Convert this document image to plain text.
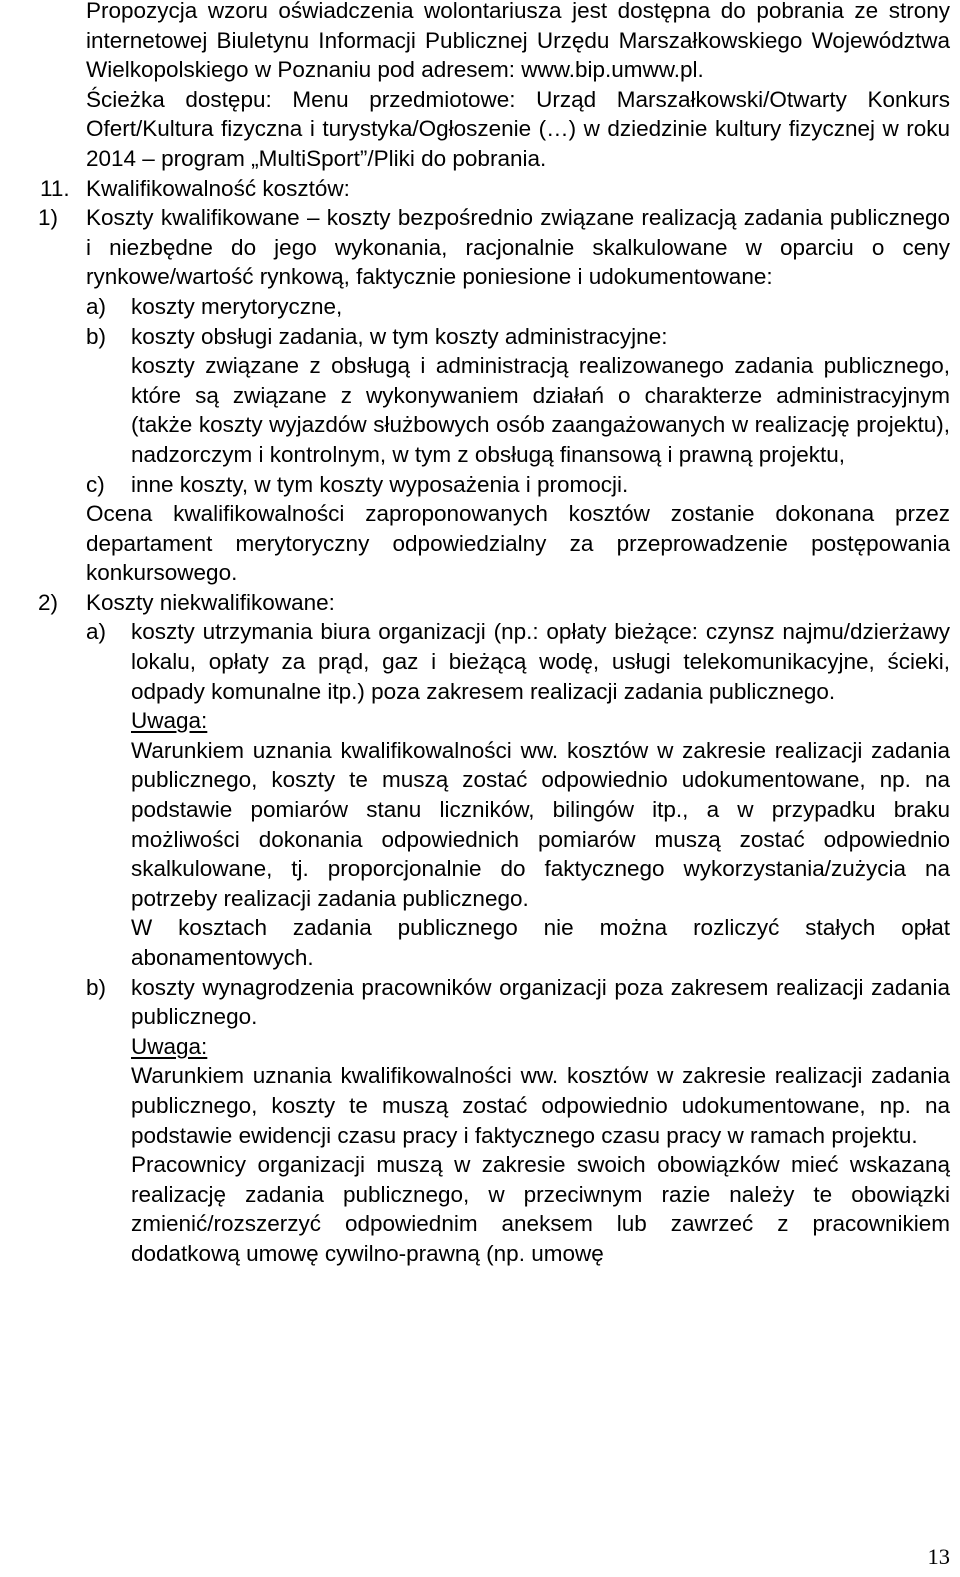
Propozycja wzoru oświadczenia wolontariusza jest dostępna do pobrania ze strony internetowej Biuletynu Informacji Publicznej Urzędu Marszałkowskiego Województwa Wielkopolskiego w Poznaniu pod adresem: www.bip.umww.pl.

Ścieżka dostępu: Menu przedmiotowe: Urząd Marszałkowski/Otwarty Konkurs Ofert/Kultura fizyczna i turystyka/Ogłoszenie (…) w dziedzinie kultury fizycznej w roku 2014 – program „MultiSport”/Pliki do pobrania.

11. Kwalifikowalność kosztów:

1) Koszty kwalifikowane – koszty bezpośrednio związane realizacją zadania publicznego i niezbędne do jego wykonania, racjonalnie skalkulowane w oparciu o ceny rynkowe/wartość rynkową, faktycznie poniesione i udokumentowane:

a) koszty merytoryczne,

b) koszty obsługi zadania, w tym koszty administracyjne:

koszty związane z obsługą i administracją realizowanego zadania publicznego, które są związane z wykonywaniem działań o charakterze administracyjnym (także koszty wyjazdów służbowych osób zaangażowanych w realizację projektu), nadzorczym i kontrolnym, w tym z obsługą finansową i prawną projektu,

c) inne koszty, w tym koszty wyposażenia i promocji.

Ocena kwalifikowalności zaproponowanych kosztów zostanie dokonana przez departament merytoryczny odpowiedzialny za przeprowadzenie postępowania konkursowego.

2) Koszty niekwalifikowane:

a) koszty utrzymania biura organizacji (np.: opłaty bieżące: czynsz najmu/dzierżawy lokalu, opłaty za prąd, gaz i bieżącą wodę, usługi telekomunikacyjne, ścieki, odpady komunalne itp.) poza zakresem realizacji zadania publicznego.

Uwaga:

Warunkiem uznania kwalifikowalności ww. kosztów w zakresie realizacji zadania publicznego, koszty te muszą zostać odpowiednio udokumentowane, np. na podstawie pomiarów stanu liczników, bilingów itp., a w przypadku braku możliwości dokonania odpowiednich pomiarów muszą zostać odpowiednio skalkulowane, tj. proporcjonalnie do faktycznego wykorzystania/zużycia na potrzeby realizacji zadania publicznego.

W kosztach zadania publicznego nie można rozliczyć stałych opłat abonamentowych.

b) koszty wynagrodzenia pracowników organizacji poza zakresem realizacji zadania publicznego.

Uwaga:

Warunkiem uznania kwalifikowalności ww. kosztów w zakresie realizacji zadania publicznego, koszty te muszą zostać odpowiednio udokumentowane, np. na podstawie ewidencji czasu pracy i faktycznego czasu pracy w ramach projektu.

Pracownicy organizacji muszą w zakresie swoich obowiązków mieć wskazaną realizację zadania publicznego, w przeciwnym razie należy te obowiązki zmienić/rozszerzyć odpowiednim aneksem lub zawrzeć z pracownikiem dodatkową umowę cywilno-prawną (np. umowę

13
